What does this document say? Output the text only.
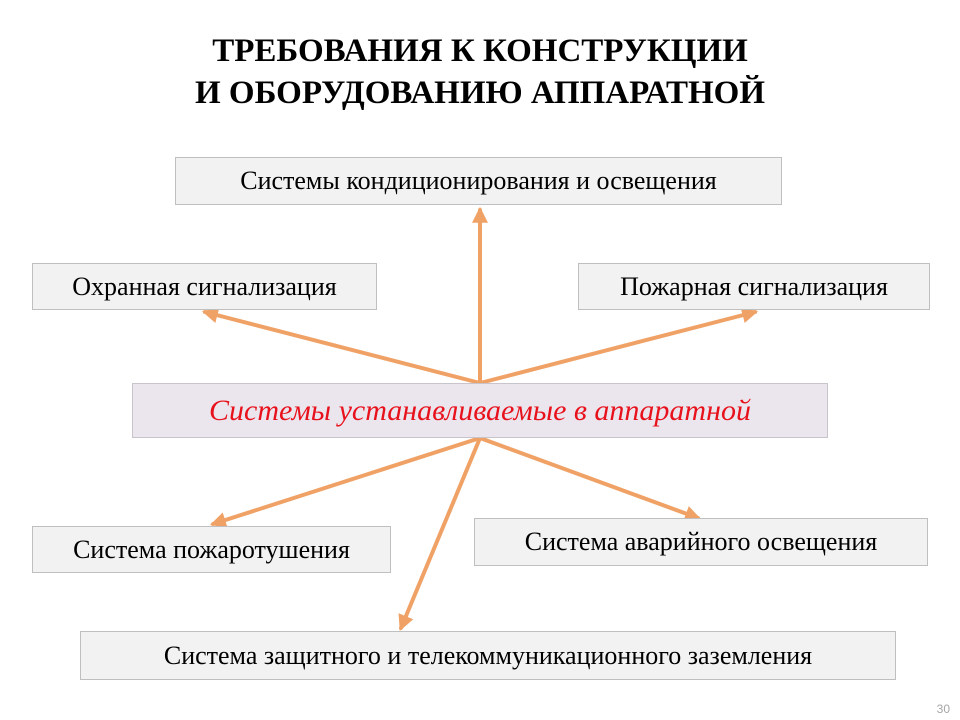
ТРЕБОВАНИЯ К КОНСТРУКЦИИ
И ОБОРУДОВАНИЮ АППАРАТНОЙ
Системы кондиционирования и освещения
Охранная сигнализация	Пожарная сигнализация
Системы устанавливаемые в аппаратной
Система пожаротушения	Система аварийного освещения
Система защитного и телекоммуникационного заземления
30
